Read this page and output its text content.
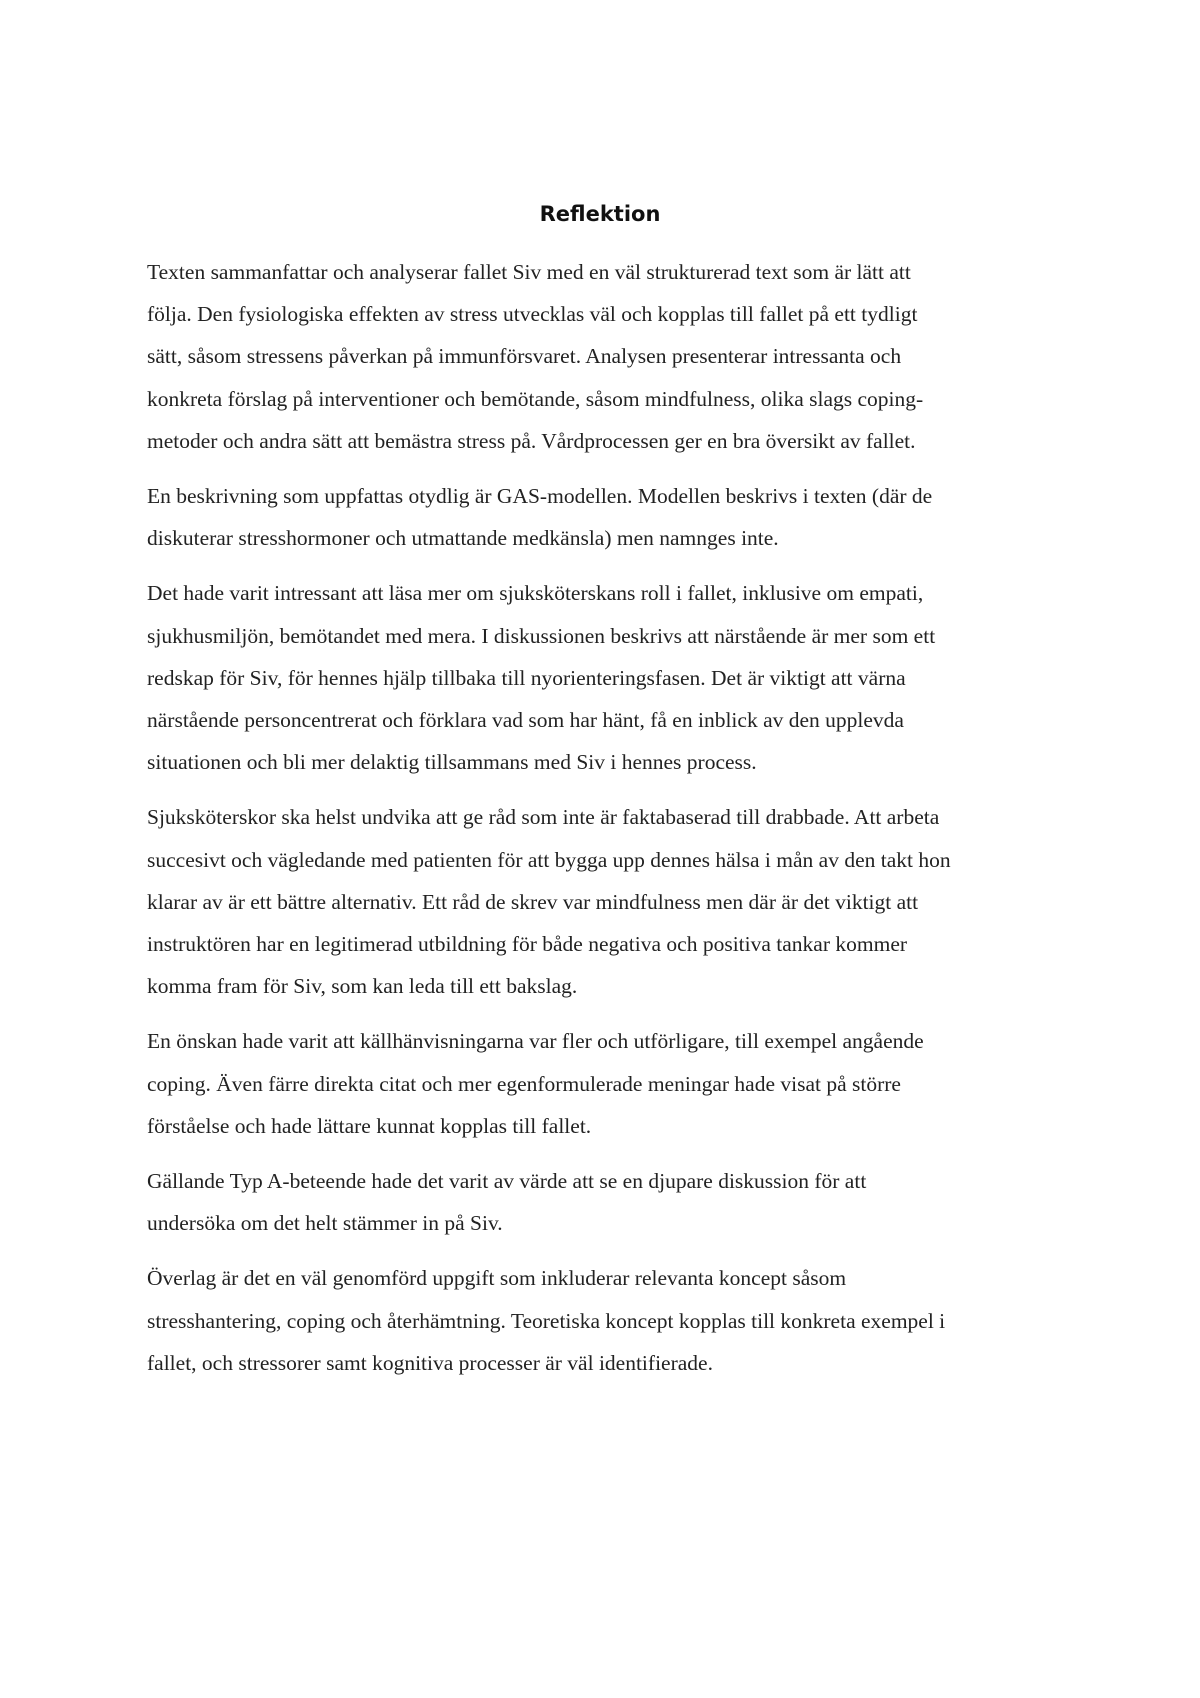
Reflektion

Texten sammanfattar och analyserar fallet Siv med en väl strukturerad text som är lätt att
följa. Den fysiologiska effekten av stress utvecklas väl och kopplas till fallet på ett tydligt
sätt, såsom stressens påverkan på immunförsvaret. Analysen presenterar intressanta och
konkreta förslag på interventioner och bemötande, såsom mindfulness, olika slags coping-
metoder och andra sätt att bemästra stress på. Vårdprocessen ger en bra översikt av fallet.

En beskrivning som uppfattas otydlig är GAS-modellen. Modellen beskrivs i texten (där de
diskuterar stresshormoner och utmattande medkänsla) men namnges inte.

Det hade varit intressant att läsa mer om sjuksköterskans roll i fallet, inklusive om empati,
sjukhusmiljön, bemötandet med mera. I diskussionen beskrivs att närstående är mer som ett
redskap för Siv, för hennes hjälp tillbaka till nyorienteringsfasen. Det är viktigt att värna
närstående personcentrerat och förklara vad som har hänt, få en inblick av den upplevda
situationen och bli mer delaktig tillsammans med Siv i hennes process.

Sjuksköterskor ska helst undvika att ge råd som inte är faktabaserad till drabbade. Att arbeta
succesivt och vägledande med patienten för att bygga upp dennes hälsa i mån av den takt hon
klarar av är ett bättre alternativ. Ett råd de skrev var mindfulness men där är det viktigt att
instruktören har en legitimerad utbildning för både negativa och positiva tankar kommer
komma fram för Siv, som kan leda till ett bakslag.

En önskan hade varit att källhänvisningarna var fler och utförligare, till exempel angående
coping. Även färre direkta citat och mer egenformulerade meningar hade visat på större
förståelse och hade lättare kunnat kopplas till fallet.

Gällande Typ A-beteende hade det varit av värde att se en djupare diskussion för att
undersöka om det helt stämmer in på Siv.

Överlag är det en väl genomförd uppgift som inkluderar relevanta koncept såsom
stresshantering, coping och återhämtning. Teoretiska koncept kopplas till konkreta exempel i
fallet, och stressorer samt kognitiva processer är väl identifierade.
